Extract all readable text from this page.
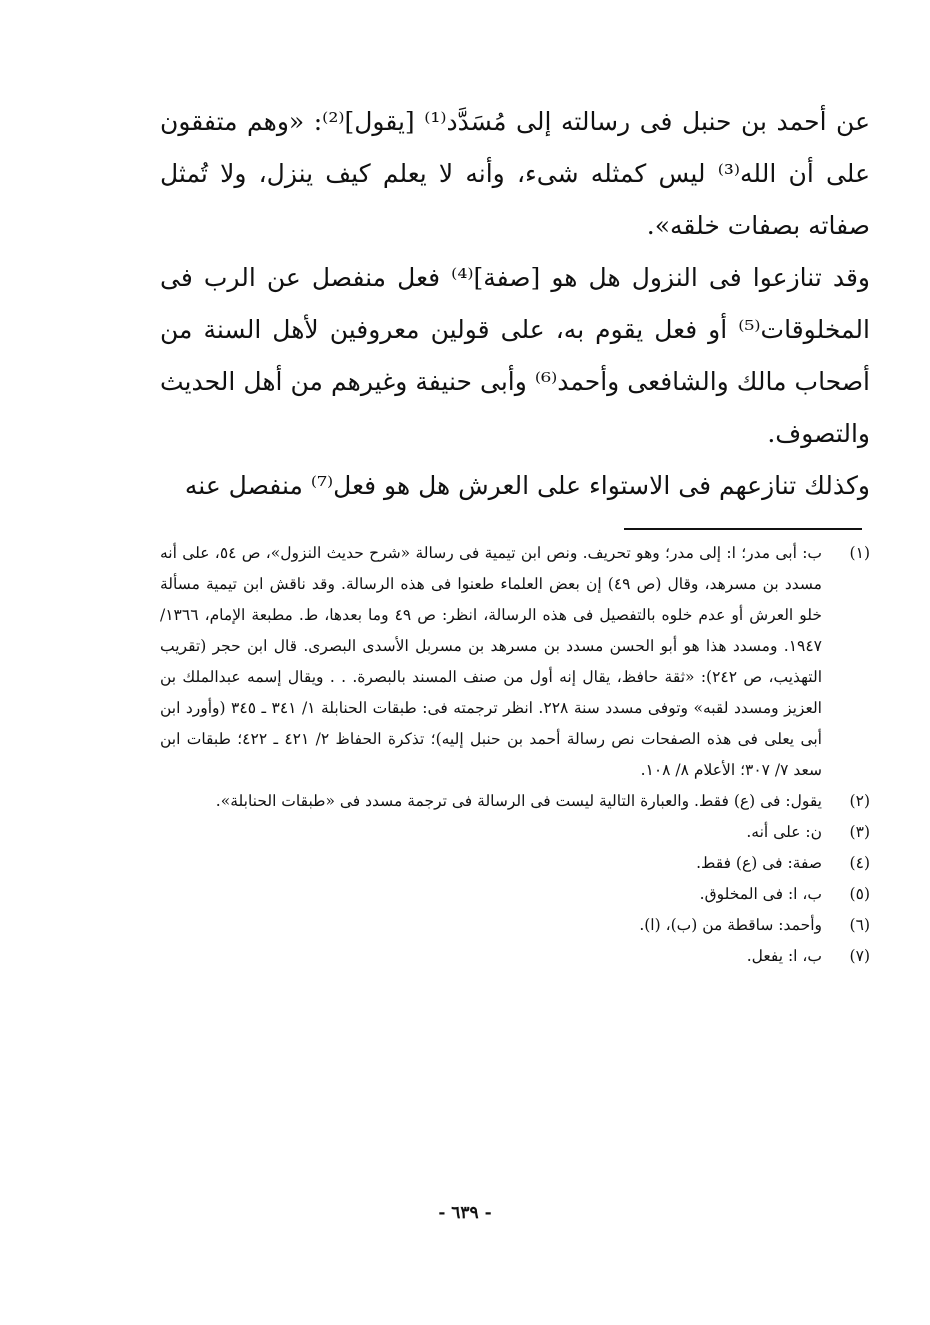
عن أحمد بن حنبل فى رسالته إلى مُسَدَّد⁽¹⁾ [يقول]⁽²⁾: «وهم متفقون على أن الله⁽³⁾ ليس كمثله شىء، وأنه لا يعلم كيف ينزل، ولا تُمثل صفاته بصفات خلقه».

وقد تنازعوا فى النزول هل هو [صفة]⁽⁴⁾ فعل منفصل عن الرب فى المخلوقات⁽⁵⁾ أو فعل يقوم به، على قولين معروفين لأهل السنة من أصحاب مالك والشافعى وأحمد⁽⁶⁾ وأبى حنيفة وغيرهم من أهل الحديث والتصوف.

وكذلك تنازعهم فى الاستواء على العرش هل هو فعل⁽⁷⁾ منفصل عنه

(١)
ب: أبى مدر؛ ا: إلى مدر؛ وهو تحريف. ونص ابن تيمية فى رسالة «شرح حديث النزول»، ص ٥٤، على أنه مسدد بن مسرهد، وقال (ص ٤٩) إن بعض العلماء طعنوا فى هذه الرسالة. وقد ناقش ابن تيمية مسألة خلو العرش أو عدم خلوه بالتفصيل فى هذه الرسالة، انظر: ص ٤٩ وما بعدها، ط. مطبعة الإمام، ١٣٦٦/ ١٩٤٧. ومسدد هذا هو أبو الحسن مسدد بن مسرهد بن مسربل الأسدى البصرى. قال ابن حجر (تقريب التهذيب، ص ٢٤٢): «ثقة حافظ، يقال إنه أول من صنف المسند بالبصرة. . . ويقال إسمه عبدالملك بن العزيز ومسدد لقبه» وتوفى مسدد سنة ٢٢٨. انظر ترجمته فى: طبقات الحنابلة ١/ ٣٤١ ـ ٣٤٥ (وأورد ابن أبى يعلى فى هذه الصفحات نص رسالة أحمد بن حنبل إليه)؛ تذكرة الحفاظ ٢/ ٤٢١ ـ ٤٢٢؛ طبقات ابن سعد ٧/ ٣٠٧؛ الأعلام ٨/ ١٠٨.
(٢)
يقول: فى (ع) فقط. والعبارة التالية ليست فى الرسالة فى ترجمة مسدد فى «طبقات الحنابلة».
(٣)
ن: على أنه.
(٤)
صفة: فى (ع) فقط.
(٥)
ب، ا: فى المخلوق.
(٦)
وأحمد: ساقطة من (ب)، (ا).
(٧)
ب، ا: يفعل.
- ٦٣٩ -
